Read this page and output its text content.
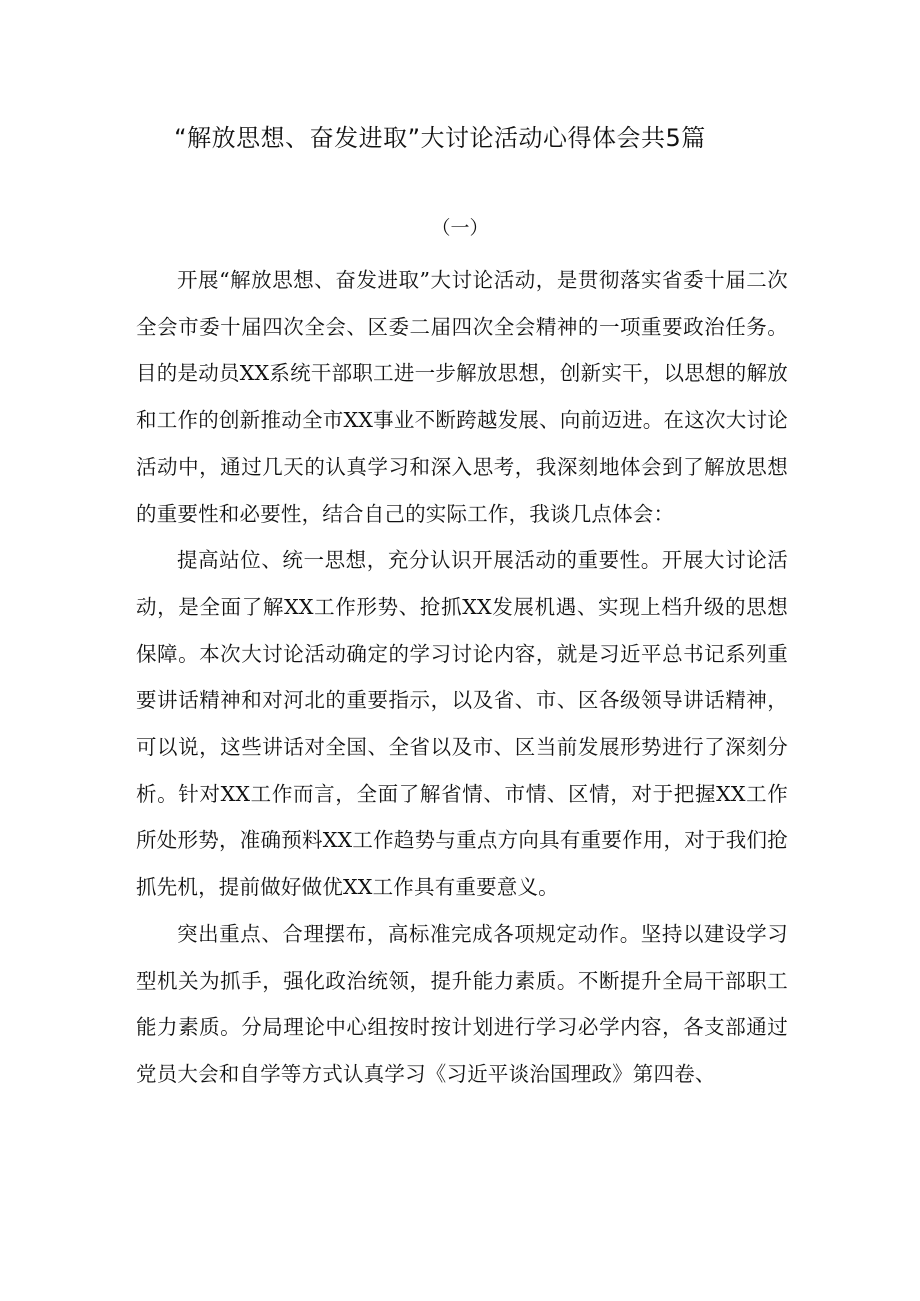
“解放思想、奋发进取”大讨论活动心得体会共5篇
（一）

开展“解放思想、奋发进取”大讨论活动，是贯彻落实省委十届二次全会市委十届四次全会、区委二届四次全会精神的一项重要政治任务。目的是动员XX系统干部职工进一步解放思想，创新实干，以思想的解放和工作的创新推动全市XX事业不断跨越发展、向前迈进。在这次大讨论活动中，通过几天的认真学习和深入思考，我深刻地体会到了解放思想的重要性和必要性，结合自己的实际工作，我谈几点体会：

提高站位、统一思想，充分认识开展活动的重要性。开展大讨论活动，是全面了解XX工作形势、抢抓XX发展机遇、实现上档升级的思想保障。本次大讨论活动确定的学习讨论内容，就是习近平总书记系列重要讲话精神和对河北的重要指示，以及省、市、区各级领导讲话精神，可以说，这些讲话对全国、全省以及市、区当前发展形势进行了深刻分析。针对XX工作而言，全面了解省情、市情、区情，对于把握XX工作所处形势，准确预料XX工作趋势与重点方向具有重要作用，对于我们抢抓先机，提前做好做优XX工作具有重要意义。

突出重点、合理摆布，高标准完成各项规定动作。坚持以建设学习型机关为抓手，强化政治统领，提升能力素质。不断提升全局干部职工能力素质。分局理论中心组按时按计划进行学习必学内容，各支部通过党员大会和自学等方式认真学习《习近平谈治国理政》第四卷、
